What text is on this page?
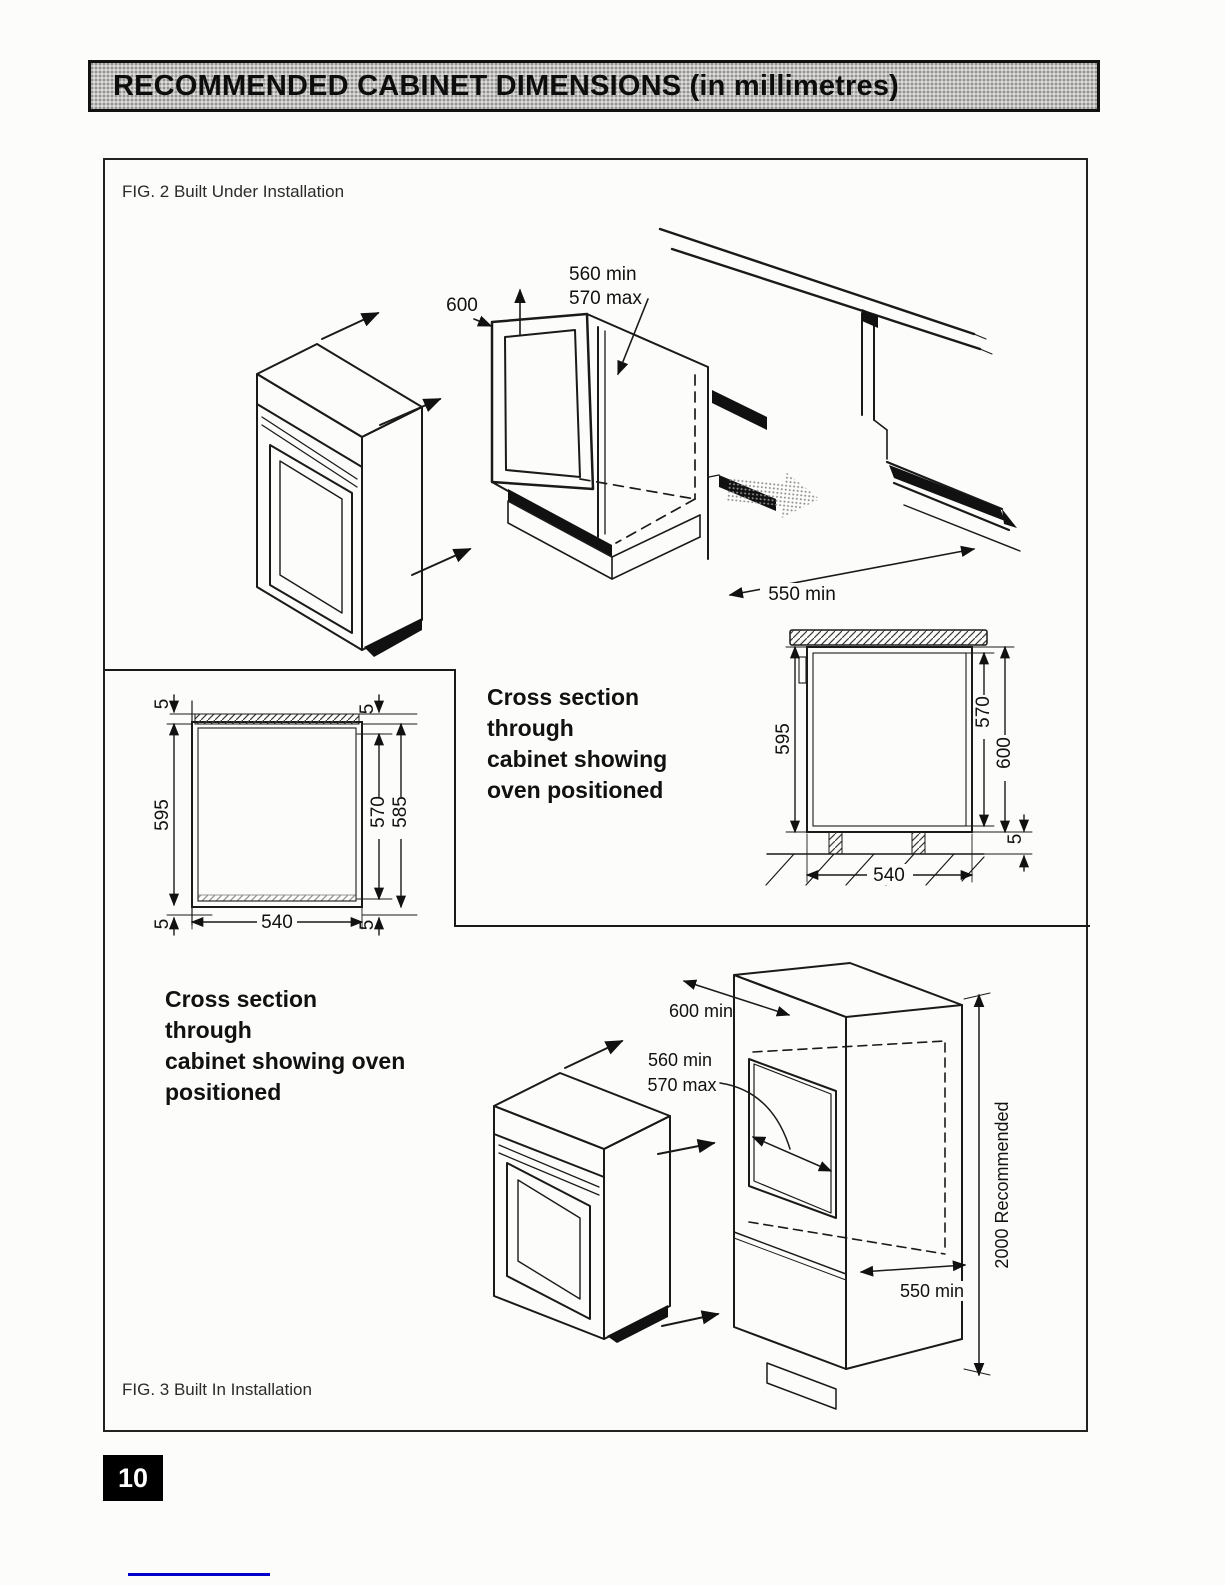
RECOMMENDED CABINET DIMENSIONS (in millimetres)
FIG. 2 Built Under Installation
600
560 min
570 max
550 min
5
595
5
5
570 585
5
540
Cross section
through
cabinet showing
oven positioned
595
570
600
5
540
Cross section
through
cabinet showing oven
positioned
600 min
560 min
570 max
550 min
2000 Recommended
FIG. 3 Built In Installation
10
